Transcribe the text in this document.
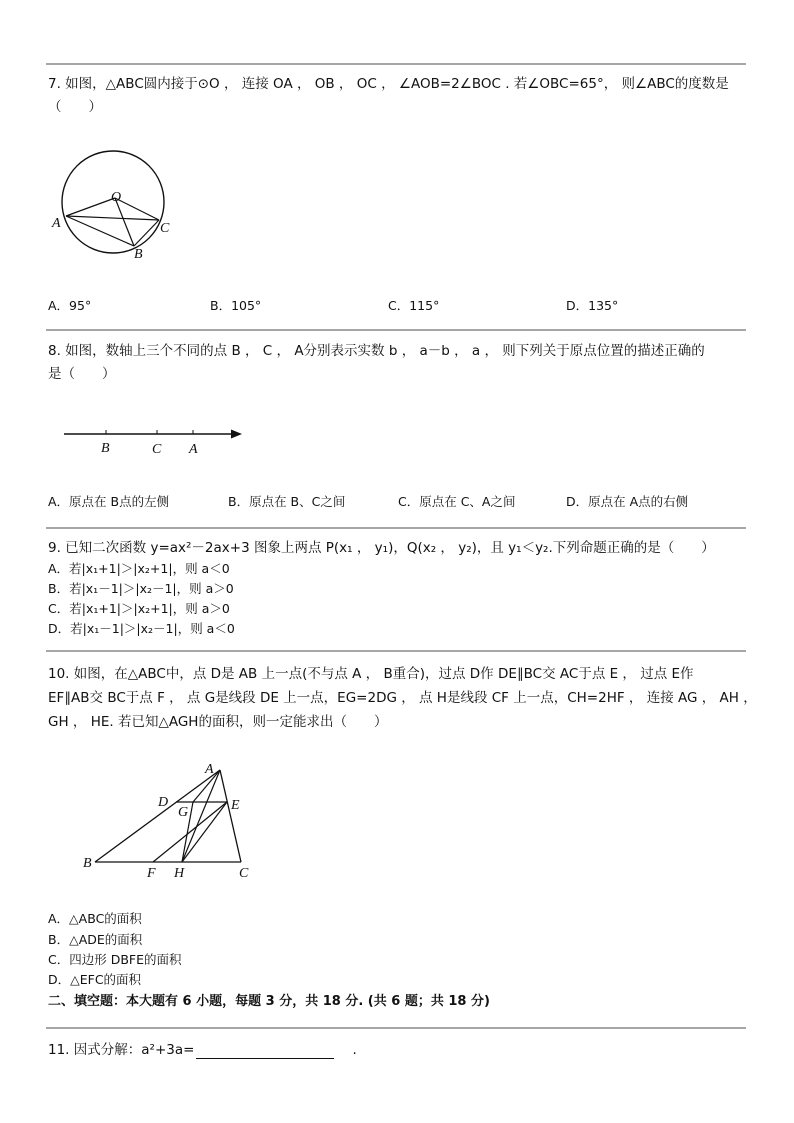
7. 如图，△ABC圆内接于⊙O ， 连接 OA ， OB ， OC ， ∠AOB=2∠BOC . 若∠OBC=65°， 则∠ABC的度数是
（　　）
O
A
B
C
B	C A
A
D	E
G
B
F H	C
A．95°	B．105°	C．115°	D．135°
8. 如图，数轴上三个不同的点 B ， C ， A分别表示实数 b ， a－b ， a ， 则下列关于原点位置的描述正确的
是（　　）
A．原点在 B点的左侧	B．原点在 B、C之间	C．原点在 C、A之间	D．原点在 A点的右侧
9. 已知二次函数 y=ax²－2ax+3 图象上两点 P(x₁ ， y₁)，Q(x₂ ， y₂)，且 y₁＜y₂.下列命题正确的是（　　）
A．若|x₁+1|＞|x₂+1|，则 a＜0
B．若|x₁－1|＞|x₂－1|，则 a＞0
C．若|x₁+1|＞|x₂+1|，则 a＞0
D．若|x₁－1|＞|x₂－1|，则 a＜0
10. 如图，在△ABC中，点 D是 AB 上一点(不与点 A ， B重合)，过点 D作 DE∥BC交 AC于点 E ， 过点 E作
EF∥AB交 BC于点 F ， 点 G是线段 DE 上一点，EG=2DG ， 点 H是线段 CF 上一点，CH=2HF ， 连接 AG ， AH ，
GH ， HE. 若已知△AGH的面积，则一定能求出（　　）
A．△ABC的面积
B．△ADE的面积
C．四边形 DBFE的面积
D．△EFC的面积
二、填空题：本大题有 6 小题，每题 3 分，共 18 分. (共 6 题；共 18 分)
11. 因式分解：a²+3a=	.
